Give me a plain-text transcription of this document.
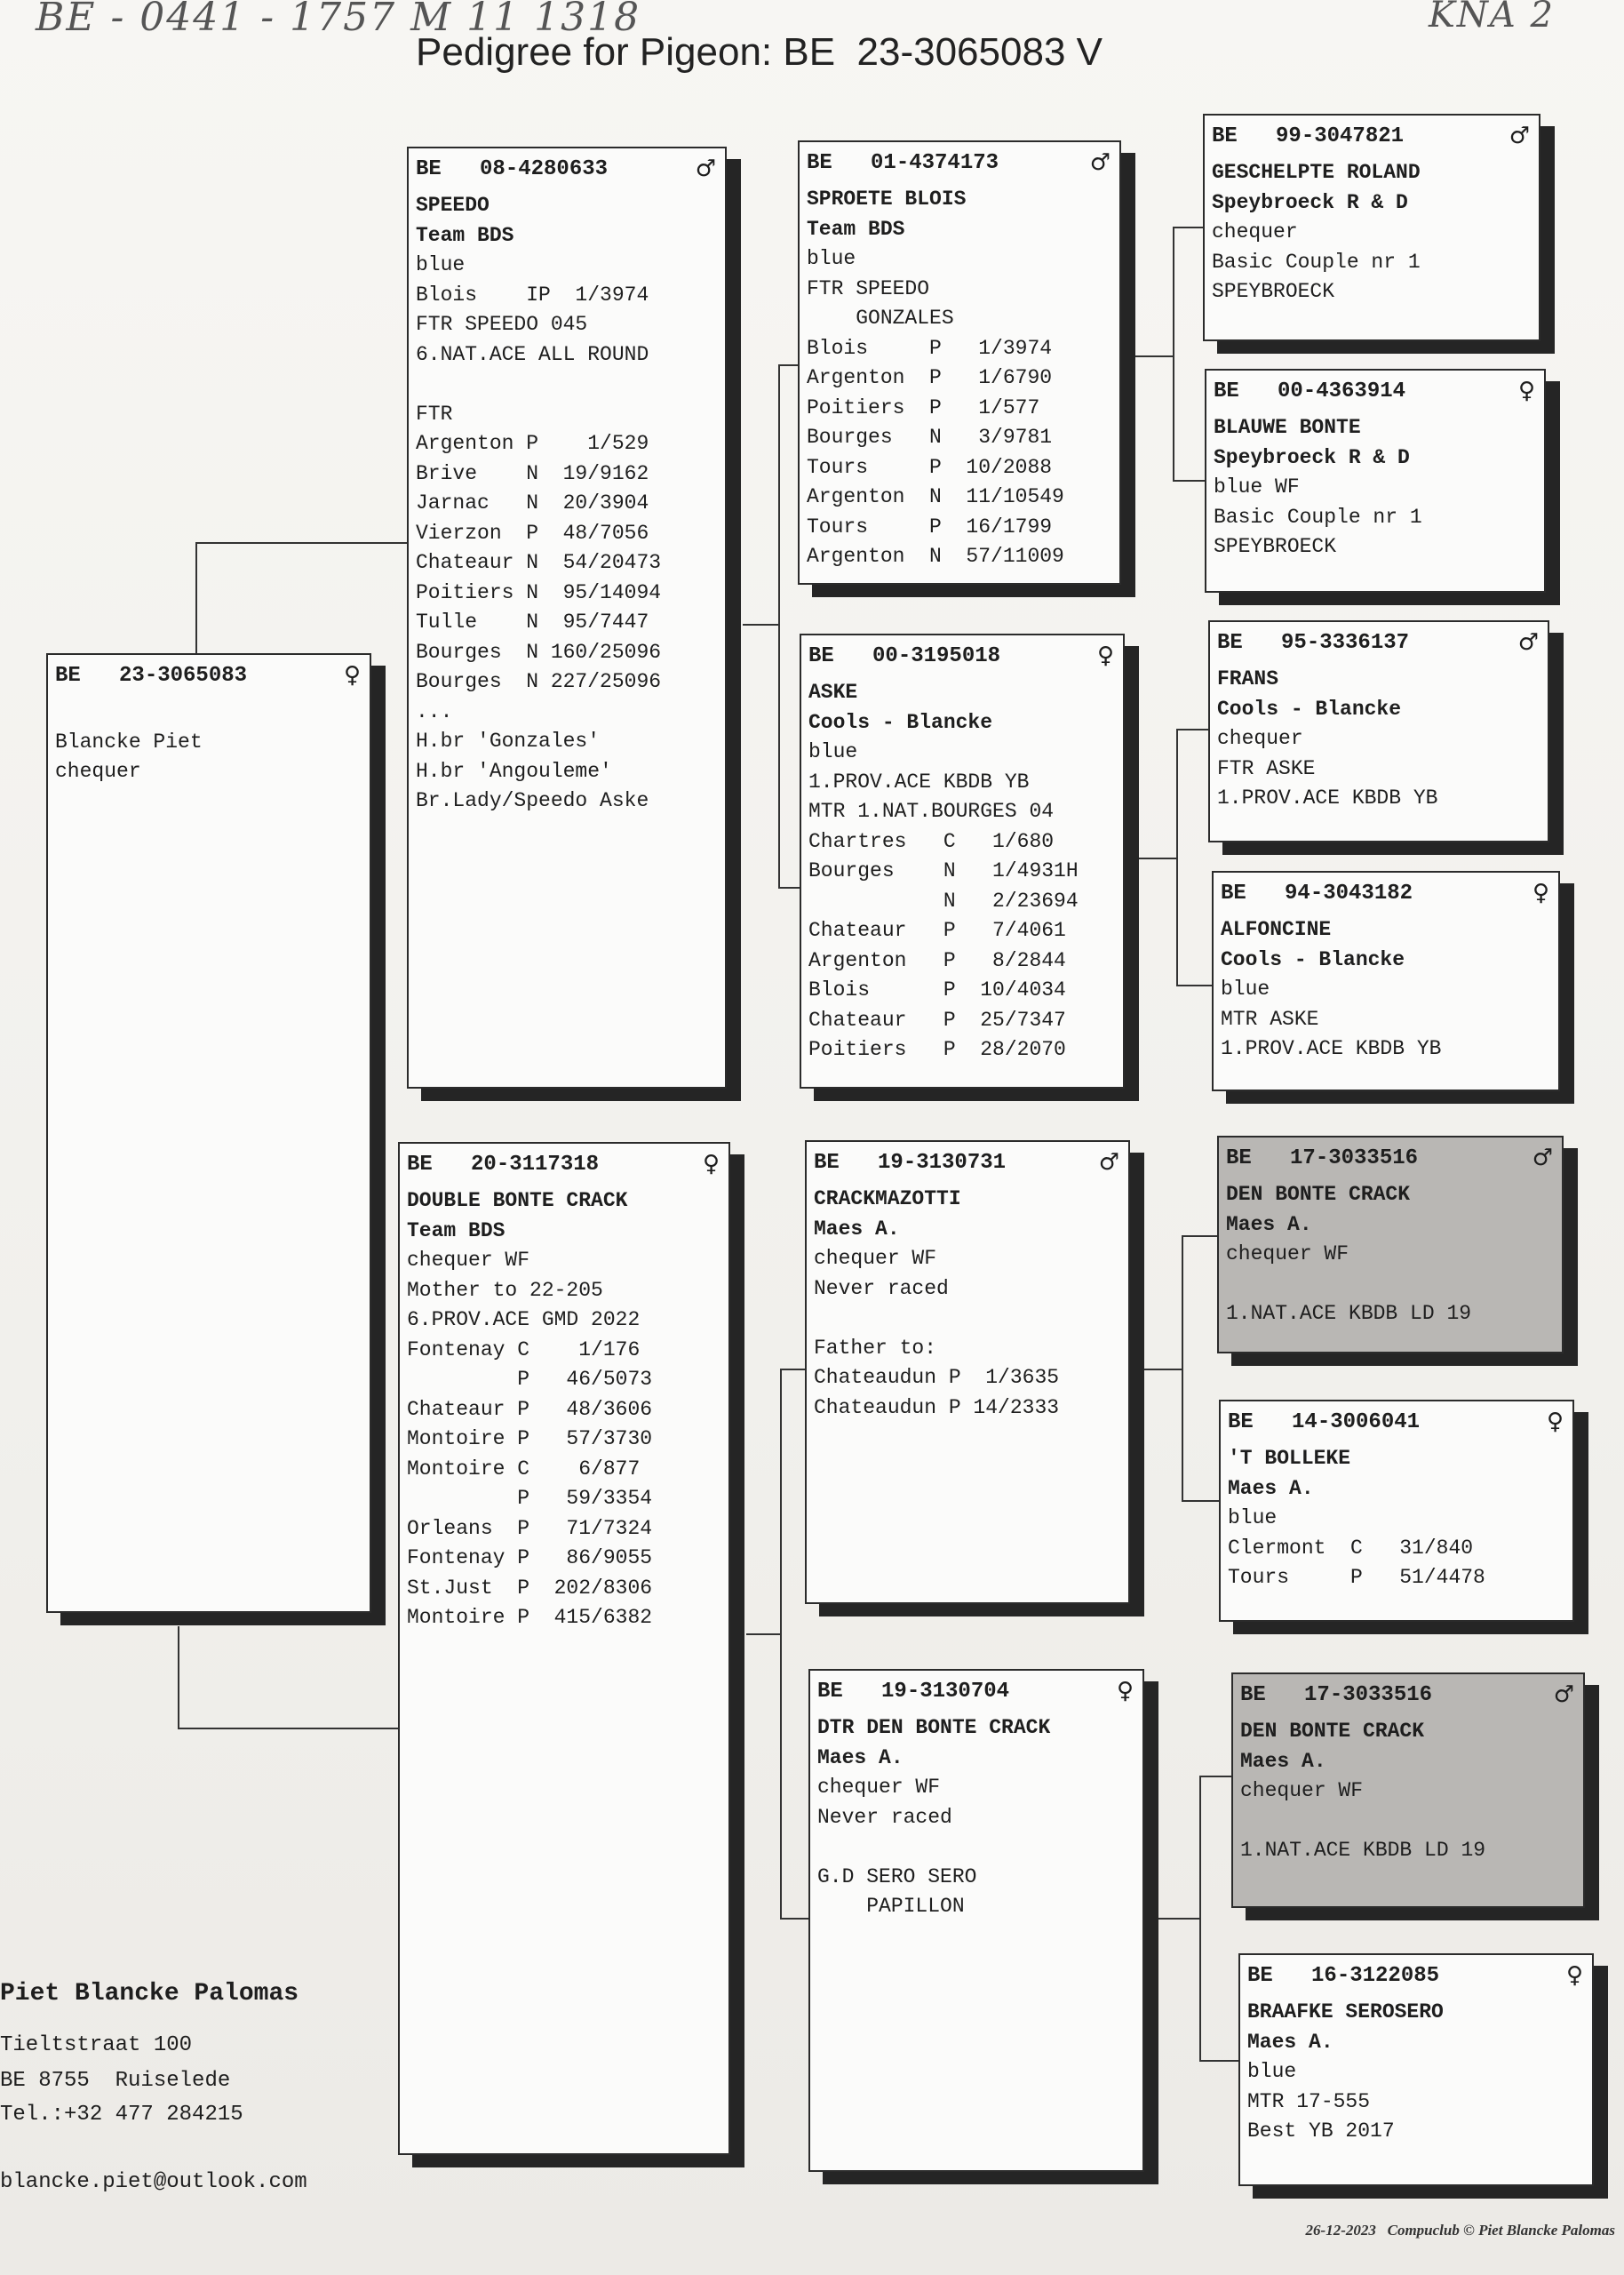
BE - 0441 - 1757 M 11 1318	KNA 2
Pedigree for Pigeon: BE  23-3065083 V
BE   23-3065083	♀
Blancke Piet
chequer
BE   08-4280633	♂
SPEEDO
Team BDS
blue
Blois    IP  1/3974
FTR SPEEDO 045
6.NAT.ACE ALL ROUND
FTR
Argenton P    1/529
Brive    N  19/9162
Jarnac   N  20/3904
Vierzon  P  48/7056
Chateaur N  54/20473
Poitiers N  95/14094
Tulle    N  95/7447
Bourges  N 160/25096
Bourges  N 227/25096
...
H.br 'Gonzales'
H.br 'Angouleme'
Br.Lady/Speedo Aske
BE   20-3117318	♀
DOUBLE BONTE CRACK
Team BDS
chequer WF
Mother to 22-205
6.PROV.ACE GMD 2022
Fontenay C    1/176
P   46/5073
Chateaur P   48/3606
Montoire P   57/3730
Montoire C    6/877
P   59/3354
Orleans  P   71/7324
Fontenay P   86/9055
St.Just  P  202/8306
Montoire P  415/6382
BE   01-4374173	♂
SPROETE BLOIS
Team BDS
blue
FTR SPEEDO
GONZALES
Blois     P   1/3974
Argenton  P   1/6790
Poitiers  P   1/577
Bourges   N   3/9781
Tours     P  10/2088
Argenton  N  11/10549
Tours     P  16/1799
Argenton  N  57/11009
BE   00-3195018	♀
ASKE
Cools - Blancke
blue
1.PROV.ACE KBDB YB
MTR 1.NAT.BOURGES 04
Chartres   C   1/680
Bourges    N   1/4931H
N   2/23694
Chateaur   P   7/4061
Argenton   P   8/2844
Blois      P  10/4034
Chateaur   P  25/7347
Poitiers   P  28/2070
BE   19-3130731	♂
CRACKMAZOTTI
Maes A.
chequer WF
Never raced
Father to:
Chateaudun P  1/3635
Chateaudun P 14/2333
BE   19-3130704	♀
DTR DEN BONTE CRACK
Maes A.
chequer WF
Never raced
G.D SERO SERO
PAPILLON
BE   99-3047821	♂
GESCHELPTE ROLAND
Speybroeck R & D
chequer
Basic Couple nr 1
SPEYBROECK
BE   00-4363914	♀
BLAUWE BONTE
Speybroeck R & D
blue WF
Basic Couple nr 1
SPEYBROECK
BE   95-3336137	♂
FRANS
Cools - Blancke
chequer
FTR ASKE
1.PROV.ACE KBDB YB
BE   94-3043182	♀
ALFONCINE
Cools - Blancke
blue
MTR ASKE
1.PROV.ACE KBDB YB
BE   17-3033516	♂
DEN BONTE CRACK
Maes A.
chequer WF
1.NAT.ACE KBDB LD 19
BE   14-3006041	♀
'T BOLLEKE
Maes A.
blue
Clermont  C   31/840
Tours     P   51/4478
BE   17-3033516	♂
DEN BONTE CRACK
Maes A.
chequer WF
1.NAT.ACE KBDB LD 19
BE   16-3122085	♀
BRAAFKE SEROSERO
Maes A.
blue
MTR 17-555
Best YB 2017
Piet Blancke Palomas
Tieltstraat 100
BE 8755  Ruiselede
Tel.:+32 477 284215
blancke.piet@outlook.com

26-12-2023 Compuclub © Piet Blancke Palomas
